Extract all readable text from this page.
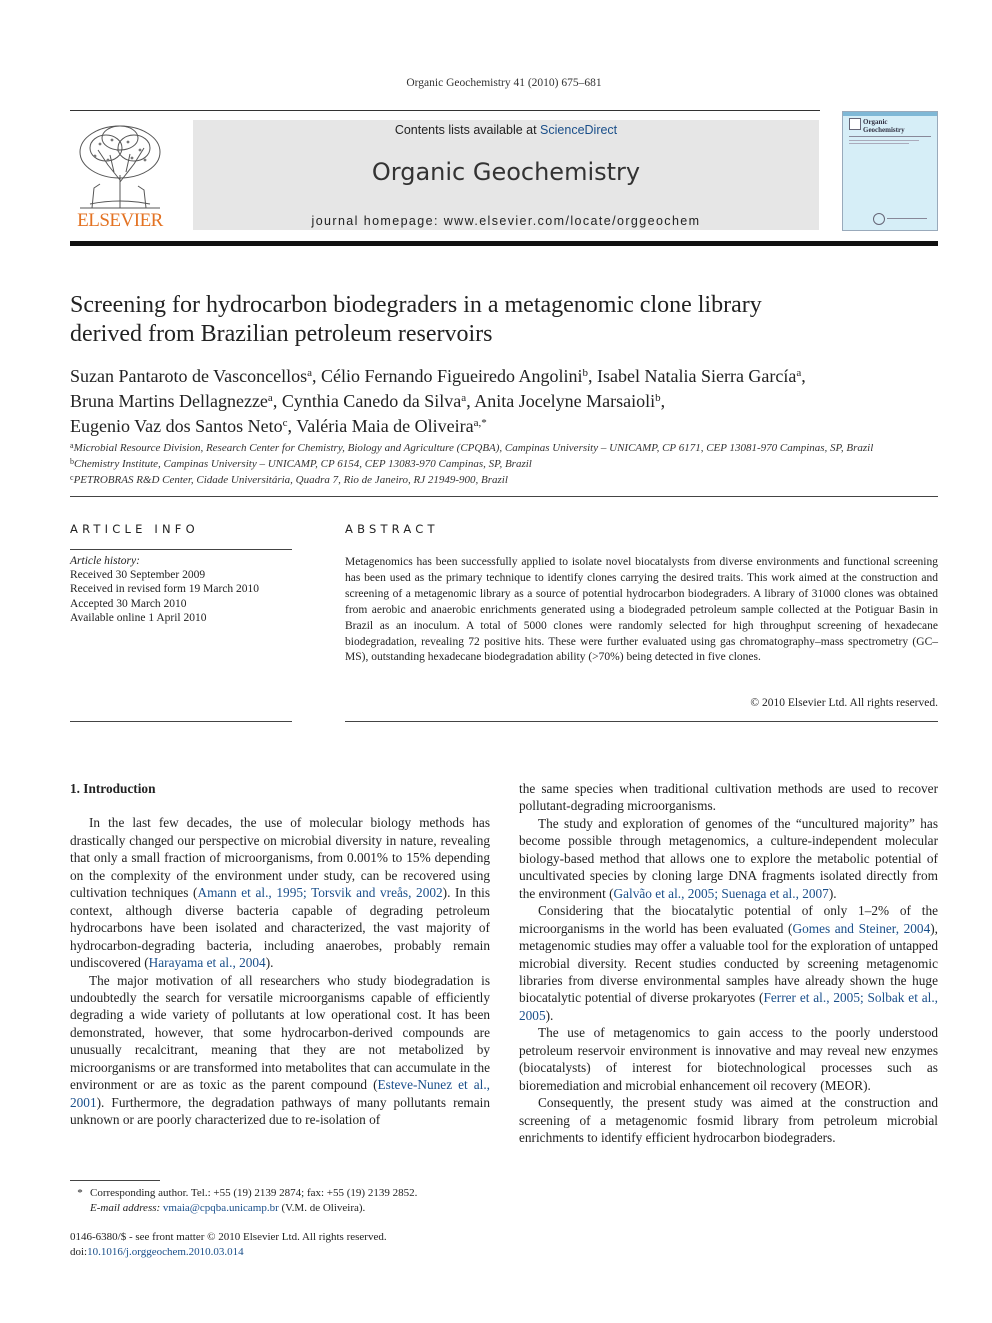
Organic Geochemistry 41 (2010) 675–681
ELSEVIER
Contents lists available at ScienceDirect
Organic Geochemistry
journal homepage: www.elsevier.com/locate/orggeochem
Organic
Geochemistry
Screening for hydrocarbon biodegraders in a metagenomic clone library
derived from Brazilian petroleum reservoirs
Suzan Pantaroto de Vasconcellos$^a$, Célio Fernando Figueiredo Angolini$^b$, Isabel Natalia Sierra García$^a$,
Bruna Martins Dellagnezze$^a$, Cynthia Canedo da Silva$^a$, Anita Jocelyne Marsaioli$^b$,
Eugenio Vaz dos Santos Neto$^c$, Valéria Maia de Oliveira$^{a,*}$
$^a$Microbial Resource Division, Research Center for Chemistry, Biology and Agriculture (CPQBA), Campinas University – UNICAMP, CP 6171, CEP 13081-970 Campinas, SP, Brazil
$^b$Chemistry Institute, Campinas University – UNICAMP, CP 6154, CEP 13083-970 Campinas, SP, Brazil
$^c$PETROBRAS R&D Center, Cidade Universitária, Quadra 7, Rio de Janeiro, RJ 21949-900, Brazil
ARTICLE INFO
Article history:
Received 30 September 2009
Received in revised form 19 March 2010
Accepted 30 March 2010
Available online 1 April 2010
ABSTRACT
Metagenomics has been successfully applied to isolate novel biocatalysts from diverse environments and functional screening has been used as the primary technique to identify clones carrying the desired traits. This work aimed at the construction and screening of a metagenomic library as a source of potential hydrocarbon biodegraders. A library of 31000 clones was obtained from aerobic and anaerobic enrichments generated using a biodegraded petroleum sample collected at the Potiguar Basin in Brazil as an inoculum. A total of 5000 clones were randomly selected for high throughput screening of hexadecane biodegradation, revealing 72 positive hits. These were further evaluated using gas chromatography–mass spectrometry (GC–MS), outstanding hexadecane biodegradation ability (>70%) being detected in five clones.
© 2010 Elsevier Ltd. All rights reserved.

1. Introduction

In the last few decades, the use of molecular biology methods has drastically changed our perspective on microbial diversity in nature, revealing that only a small fraction of microorganisms, from 0.001% to 15% depending on the complexity of the environment under study, can be recovered using cultivation techniques (Amann et al., 1995; Torsvik and vreås, 2002). In this context, although diverse bacteria capable of degrading petroleum hydrocarbons have been isolated and characterized, the vast majority of hydrocarbon-degrading bacteria, including anaerobes, probably remain undiscovered (Harayama et al., 2004).

The major motivation of all researchers who study biodegradation is undoubtedly the search for versatile microorganisms capable of efficiently degrading a wide variety of pollutants at low operational cost. It has been demonstrated, however, that some hydrocarbon-derived compounds are unusually recalcitrant, meaning that they are not metabolized by microorganisms or are transformed into metabolites that can accumulate in the environment or are as toxic as the parent compound (Esteve-Nunez et al., 2001). Furthermore, the degradation pathways of many pollutants remain unknown or are poorly characterized due to re-isolation of

the same species when traditional cultivation methods are used to recover pollutant-degrading microorganisms.

The study and exploration of genomes of the “uncultured majority” has become possible through metagenomics, a culture-independent molecular biology-based method that allows one to explore the metabolic potential of uncultivated species by cloning large DNA fragments isolated directly from the environment (Galvão et al., 2005; Suenaga et al., 2007).

Considering that the biocatalytic potential of only 1–2% of the microorganisms in the world has been evaluated (Gomes and Steiner, 2004), metagenomic studies may offer a valuable tool for the exploration of untapped microbial diversity. Recent studies conducted by screening metagenomic libraries from diverse environmental samples have already shown the huge biocatalytic potential of diverse prokaryotes (Ferrer et al., 2005; Solbak et al., 2005).

The use of metagenomics to gain access to the poorly understood petroleum reservoir environment is innovative and may reveal new enzymes (biocatalysts) of interest for biotechnological processes such as bioremediation and microbial enhancement oil recovery (MEOR).

Consequently, the present study was aimed at the construction and screening of a metagenomic fosmid library from petroleum microbial enrichments to identify efficient hydrocarbon biodegraders.

* Corresponding author. Tel.: +55 (19) 2139 2874; fax: +55 (19) 2139 2852.
E-mail address: vmaia@cpqba.unicamp.br (V.M. de Oliveira).
0146-6380/$ - see front matter © 2010 Elsevier Ltd. All rights reserved.
doi:10.1016/j.orggeochem.2010.03.014
